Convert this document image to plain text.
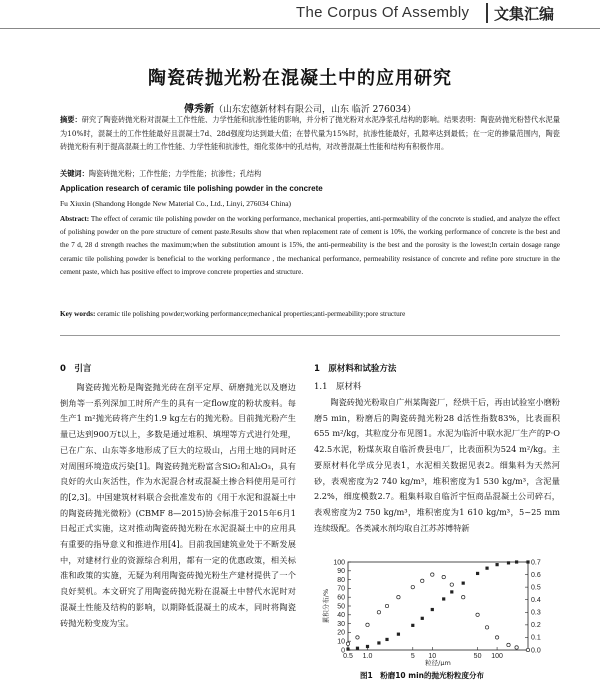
The Corpus Of Assembly 文集汇编
陶瓷砖抛光粉在混凝土中的应用研究
傅秀新（山东宏德新材料有限公司，山东 临沂 276034）
摘要：研究了陶瓷砖抛光粉对混凝土工作性能、力学性能和抗渗性能的影响，并分析了抛光粉对水泥净浆孔结构的影响。结果表明：陶瓷砖抛光粉替代水泥量为10%时，混凝土的工作性能最好且混凝土7d、28d强度均达到最大值；在替代量为15%时，抗渗性能最好，孔隙率达到最低；在一定的掺量范围内，陶瓷砖抛光粉有利于提高混凝土的工作性能、力学性能和抗渗性，细化浆体中的孔结构，对改善混凝土性能和结构有积极作用。
关键词：陶瓷砖抛光粉；工作性能；力学性能；抗渗性；孔结构
Application research of ceramic tile polishing powder in the concrete
Fu Xiuxin (Shandong Hongde New Material Co., Ltd., Linyi, 276034 China)
Abstract: The effect of ceramic tile polishing powder on the working performance, mechanical properties, anti-permeability of the concrete is studied, and analyze the effect of polishing powder on the pore structure of cement paste.Results show that when replacement rate of cement is 10%, the working performance of concrete is the best and the 7 d, 28 d strength reaches the maximum;when the substitution amount is 15%, the anti-permeability is the best and the porosity is the lowest;In certain dosage range ceramic tile polishing powder is beneficial to the working performance , the mechanical performance, permeability resistance of concrete and refine pore structure in the cement paste, which has positive effect to improve concrete properties and structure.
Key words: ceramic tile polishing powder;working performance;mechanical properties;anti-permeability;pore structure
0　引言

陶瓷砖抛光粉是陶瓷抛光砖在刮平定厚、研磨抛光以及磨边倒角等一系列深加工时所产生的具有一定flow度的粉状废料。每生产1 m²抛光砖将产生约1.9 kg左右的抛光粉。目前抛光粉产生量已达到900万t以上，多数是通过堆积、填埋等方式进行处理，已在广东、山东等多地形成了巨大的垃圾山，占用土地的同时还对周围环境造成污染[1]。陶瓷砖抛光粉富含SiO₂和Al₂O₃，具有良好的火山灰活性，作为水泥混合材或混凝土掺合料使用是可行的[2,3]。中国建筑材料联合会批准发布的《用于水泥和混凝土中的陶瓷砖抛光微粉》(CBMF 8—2015)协会标准于2015年6月1日起正式实施，这对推动陶瓷砖抛光粉在水泥混凝土中的应用具有重要的指导意义和推进作用[4]。目前我国建筑业处于不断发展中，对建材行业的资源综合利用，都有一定的优惠政策，相关标准和政策的实施，无疑为利用陶瓷砖抛光粉生产建材提供了一个良好契机。本文研究了用陶瓷砖抛光粉在混凝土中替代水泥时对混凝土性能及结构的影响，以期降低混凝土的成本，同时将陶瓷砖抛光粉变废为宝。

1　原材料和试验方法
1.1　原材料

陶瓷砖抛光粉取自广州某陶瓷厂，经烘干后，再由试验室小磨粉磨5 min，粉磨后的陶瓷砖抛光粉28 d活性指数83%，比表面积655 m²/kg，其粒度分布见图1。水泥为临沂中联水泥厂生产的P·O 42.5水泥，粉煤灰取自临沂费县电厂，比表面积为524 m²/kg。主要原材料化学成分见表1，水泥相关数据见表2。细集料为天然河砂，表观密度为2 740 kg/m³，堆积密度为1 530 kg/m³，含泥量2.2%，细度模数2.7。粗集料取自临沂宇恒商品混凝土公司碎石，表观密度为2 750 kg/m³，堆积密度为1 610 kg/m³，5~25 mm连续级配。各类减水剂均取自江苏苏博特新

0
10
20
30
40
50
60
70
80
90
100
0.0
0.1
0.2
0.3
0.4
0.5
0.6
0.7
0.5 1.0	5 10	50 100
粒径/μm
累积分布/%
图1　粉磨10 min的抛光粉粒度分布
